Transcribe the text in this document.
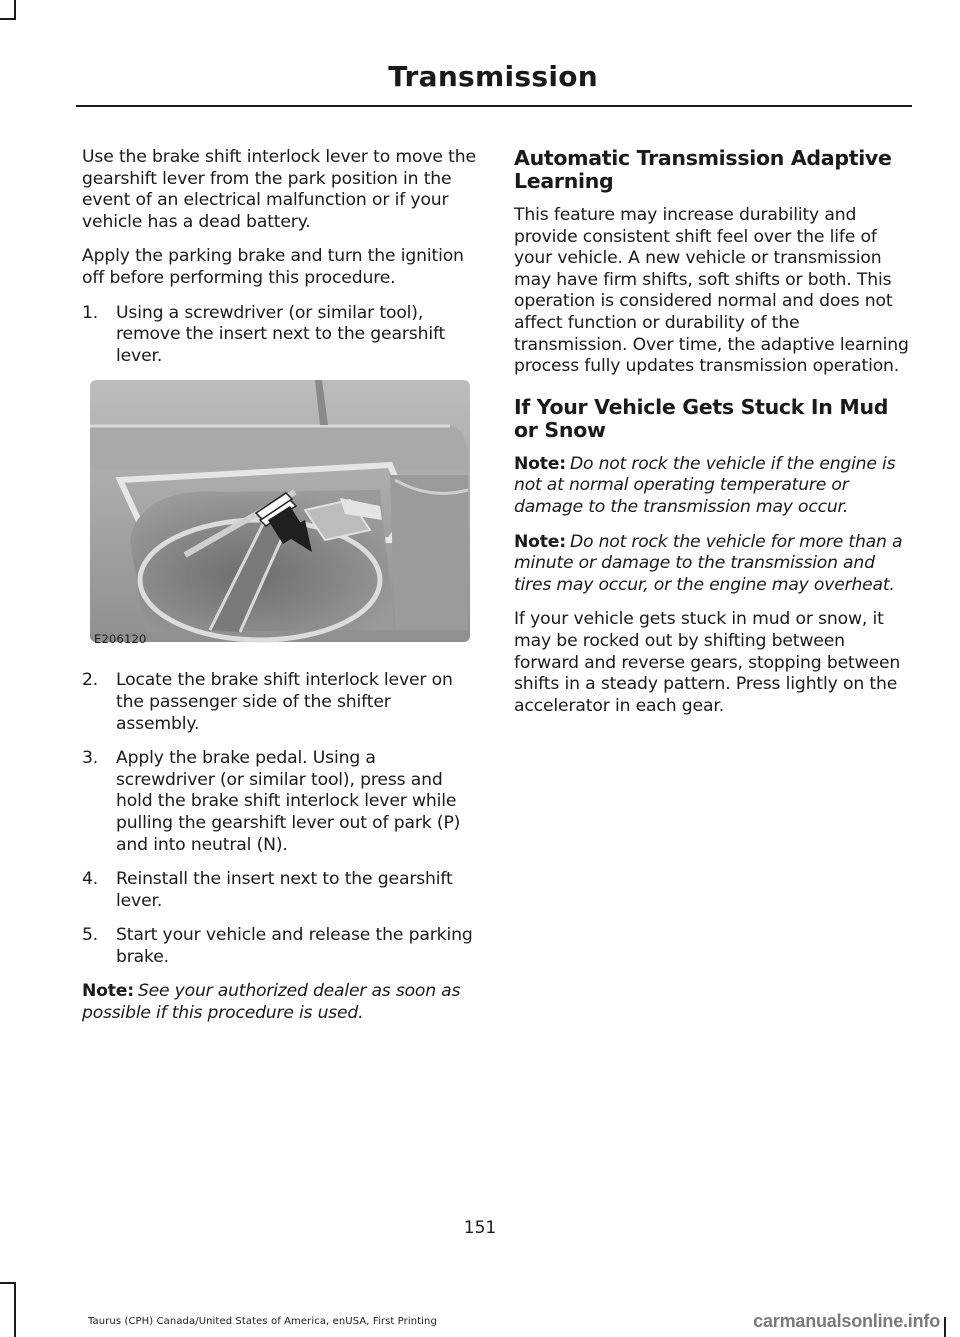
Transmission

Use the brake shift interlock lever to move the gearshift lever from the park position in the event of an electrical malfunction or if your vehicle has a dead battery.

Apply the parking brake and turn the ignition off before performing this procedure.

1. Using a screwdriver (or similar tool), remove the insert next to the gearshift lever.
E206120
2. Locate the brake shift interlock lever on the passenger side of the shifter assembly.
3. Apply the brake pedal. Using a screwdriver (or similar tool), press and hold the brake shift interlock lever while pulling the gearshift lever out of park (P) and into neutral (N).
4. Reinstall the insert next to the gearshift lever.
5. Start your vehicle and release the parking brake.

Note: See your authorized dealer as soon as possible if this procedure is used.

Automatic Transmission Adaptive Learning

This feature may increase durability and provide consistent shift feel over the life of your vehicle. A new vehicle or transmission may have firm shifts, soft shifts or both. This operation is considered normal and does not affect function or durability of the transmission. Over time, the adaptive learning process fully updates transmission operation.

If Your Vehicle Gets Stuck In Mud or Snow

Note: Do not rock the vehicle if the engine is not at normal operating temperature or damage to the transmission may occur.

Note: Do not rock the vehicle for more than a minute or damage to the transmission and tires may occur, or the engine may overheat.

If your vehicle gets stuck in mud or snow, it may be rocked out by shifting between forward and reverse gears, stopping between shifts in a steady pattern. Press lightly on the accelerator in each gear.

151
Taurus (CPH) Canada/United States of America, enUSA, First Printing	carmanualsonline.info
